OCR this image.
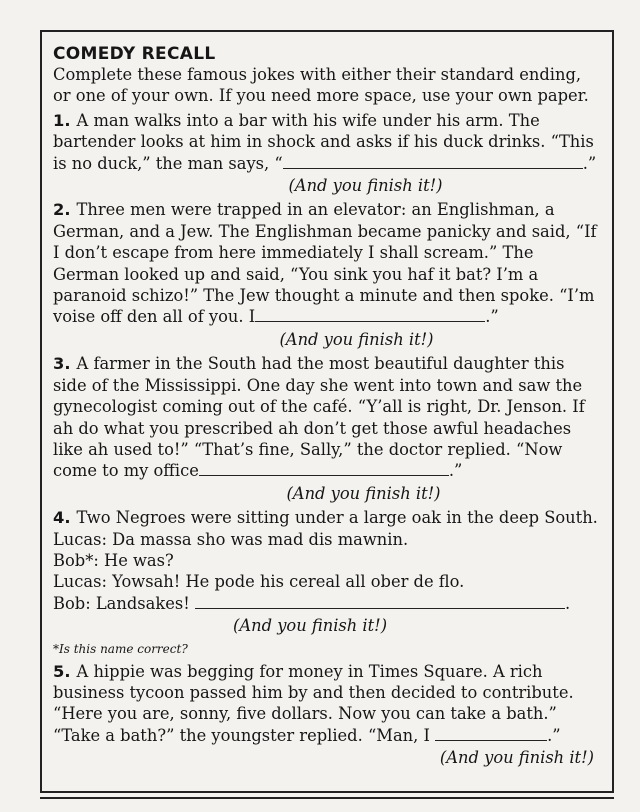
COMEDY RECALL

Complete these famous jokes with either their standard ending, or one of your own. If you need more space, use your own paper.

1. A man walks into a bar with his wife under his arm. The bartender looks at him in shock and asks if his duck drinks. “This is no duck,” the man says, “	.”

(And you finish it!)

2. Three men were trapped in an elevator: an Englishman, a German, and a Jew. The Englishman became panicky and said, “If I don’t escape from here immediately I shall scream.” The German looked up and said, “You sink you haf it bat? I’m a paranoid schizo!” The Jew thought a minute and then spoke. “I’m voise off den all of you. I	.”

(And you finish it!)

3. A farmer in the South had the most beautiful daughter this side of the Mississippi. One day she went into town and saw the gynecologist coming out of the café. “Y’all is right, Dr. Jenson. If ah do what you prescribed ah don’t get those awful headaches like ah used to!” “That’s fine, Sally,” the doctor replied. “Now come to my office	.”

(And you finish it!)

4. Two Negroes were sitting under a large oak in the deep South.

Lucas: Da massa sho was mad dis mawnin.

Bob*: He was?

Lucas: Yowsah! He pode his cereal all ober de flo.

Bob: Landsakes!	.

(And you finish it!)

*Is this name correct?

5. A hippie was begging for money in Times Square. A rich business tycoon passed him by and then decided to contribute. “Here you are, sonny, five dollars. Now you can take a bath.” “Take a bath?” the youngster replied. “Man, I	.”

(And you finish it!)
